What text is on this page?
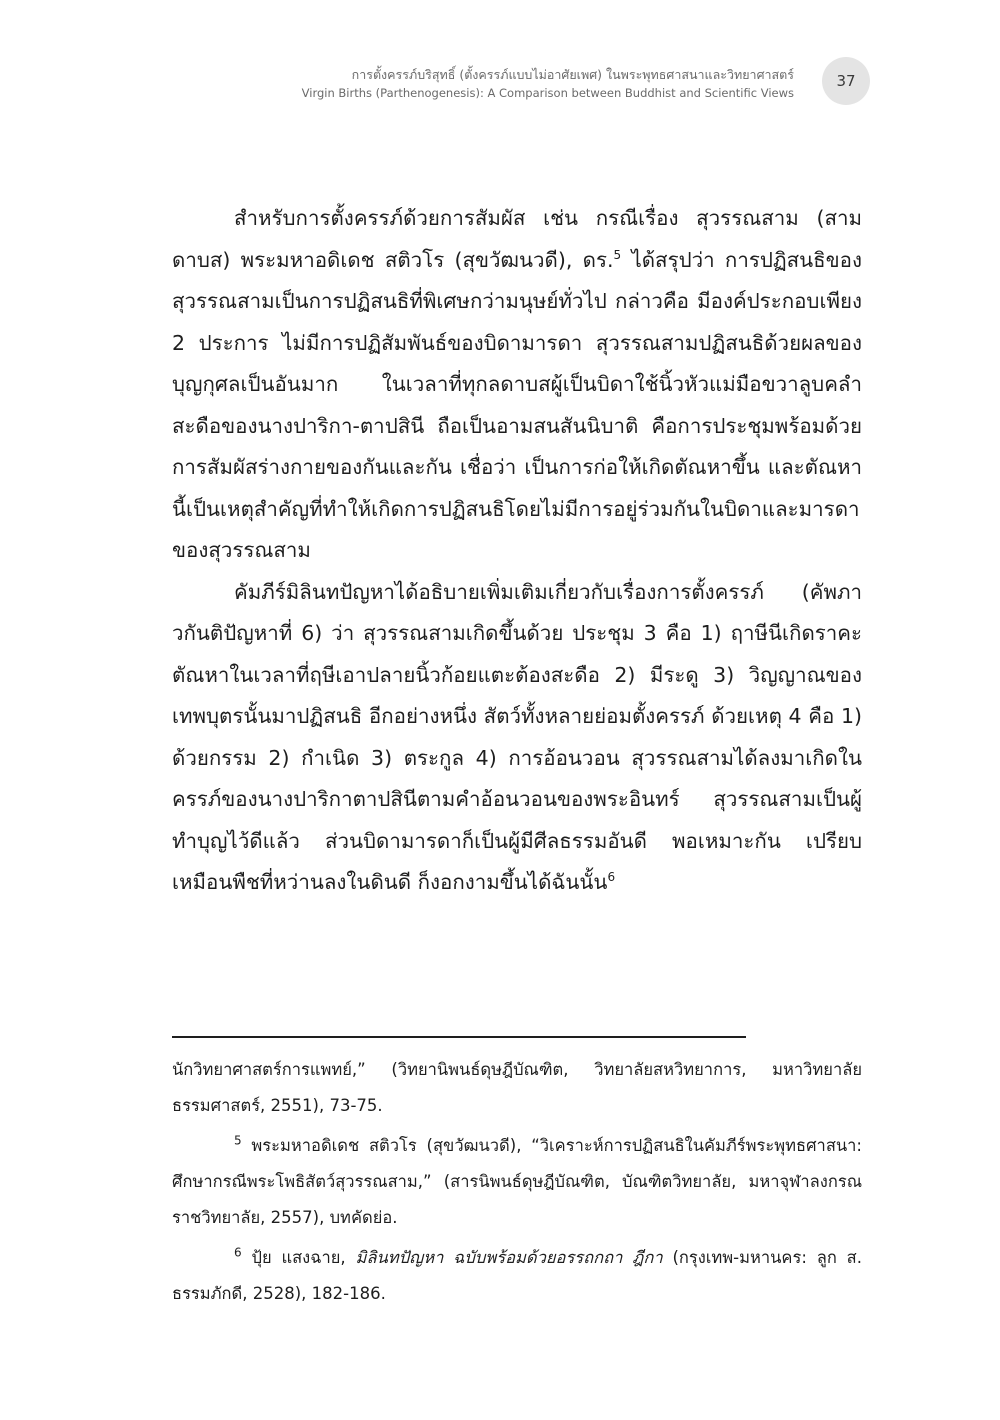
การตั้งครรภ์บริสุทธิ์ (ตั้งครรภ์แบบไม่อาศัยเพศ) ในพระพุทธศาสนาและวิทยาศาสตร์
Virgin Births (Parthenogenesis): A Comparison between Buddhist and Scientific Views
37

สำหรับการตั้งครรภ์ด้วยการสัมผัส เช่น กรณีเรื่อง สุวรรณสาม (สามดาบส) พระมหาอดิเดช สติวโร (สุขวัฒนวดี), ดร.$^5$ ได้สรุปว่า การปฏิสนธิของสุวรรณสามเป็นการปฏิสนธิที่พิเศษกว่ามนุษย์ทั่วไป กล่าวคือ มีองค์ประกอบเพียง 2 ประการ ไม่มีการปฏิสัมพันธ์ของบิดามารดา สุวรรณสามปฏิสนธิด้วยผลของบุญกุศลเป็นอันมาก ในเวลาที่ทุกลดาบสผู้เป็นบิดาใช้นิ้วหัวแม่มือขวาลูบคลำสะดือของนางปาริกา-ตาปสินี ถือเป็นอามสนสันนิบาติ คือการประชุมพร้อมด้วยการสัมผัสร่างกายของกันและกัน เชื่อว่า เป็นการก่อให้เกิดตัณหาขึ้น และตัณหานี้เป็นเหตุสำคัญที่ทำให้เกิดการปฏิสนธิโดยไม่มีการอยู่ร่วมกันในบิดาและมารดาของสุวรรณสาม

คัมภีร์มิลินทปัญหาได้อธิบายเพิ่มเติมเกี่ยวกับเรื่องการตั้งครรภ์ (คัพภาวกันติปัญหาที่ 6) ว่า สุวรรณสามเกิดขึ้นด้วย ประชุม 3 คือ 1) ฤาษีนีเกิดราคะตัณหาในเวลาที่ฤษีเอาปลายนิ้วก้อยแตะต้องสะดือ 2) มีระดู 3) วิญญาณของเทพบุตรนั้นมาปฏิสนธิ อีกอย่างหนึ่ง สัตว์ทั้งหลายย่อมตั้งครรภ์ ด้วยเหตุ 4 คือ 1) ด้วยกรรม 2) กำเนิด 3) ตระกูล 4) การอ้อนวอน สุวรรณสามได้ลงมาเกิดในครรภ์ของนางปาริกาตาปสินีตามคำอ้อนวอนของพระอินทร์ สุวรรณสามเป็นผู้ทำบุญไว้ดีแล้ว ส่วนบิดามารดาก็เป็นผู้มีศีลธรรมอันดี พอเหมาะกัน เปรียบเหมือนพืชที่หว่านลงในดินดี ก็งอกงามขึ้นได้ฉันนั้น$^6$

นักวิทยาศาสตร์การแพทย์,” (วิทยานิพนธ์ดุษฎีบัณฑิต, วิทยาลัยสหวิทยาการ, มหาวิทยาลัยธรรมศาสตร์, 2551), 73-75.

$^5$ พระมหาอดิเดช สติวโร (สุขวัฒนวดี), “วิเคราะห์การปฏิสนธิในคัมภีร์พระพุทธศาสนา: ศึกษากรณีพระโพธิสัตว์สุวรรณสาม,” (สารนิพนธ์ดุษฎีบัณฑิต, บัณฑิตวิทยาลัย, มหาจุฬาลงกรณราชวิทยาลัย, 2557), บทคัดย่อ.

$^6$ ปุ้ย แสงฉาย, มิลินทปัญหา ฉบับพร้อมด้วยอรรถกถา ฎีกา (กรุงเทพ-มหานคร: ลูก ส. ธรรมภักดี, 2528), 182-186.
